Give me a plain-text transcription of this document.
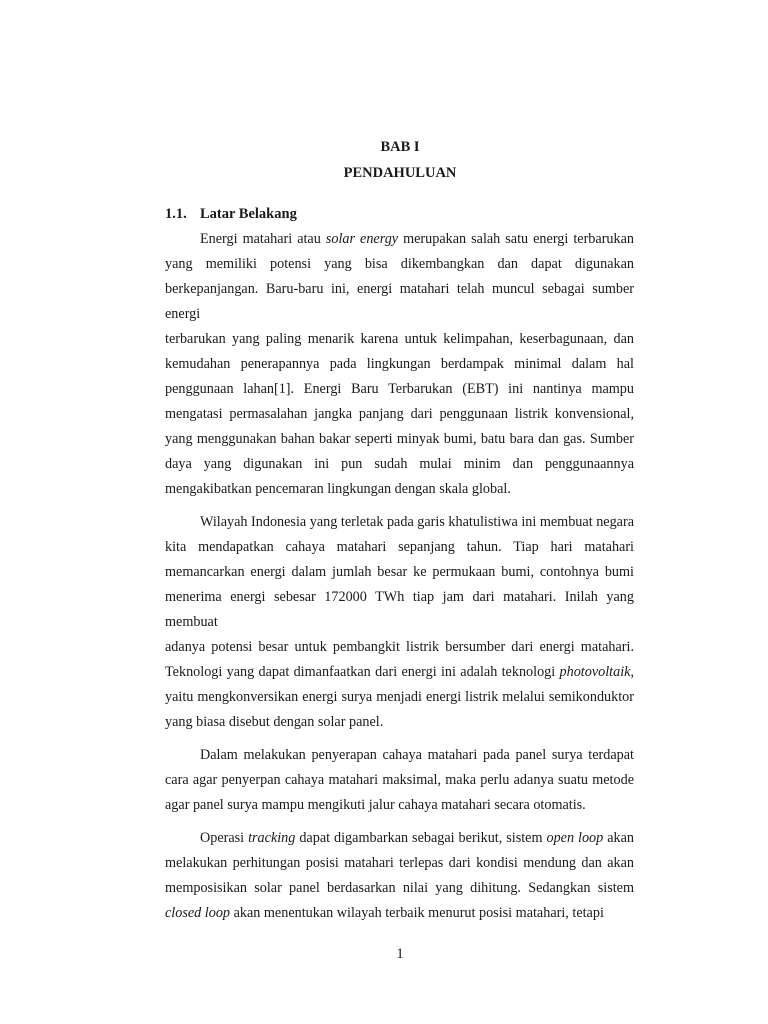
BAB I
PENDAHULUAN
1.1. Latar Belakang

Energi matahari atau solar energy merupakan salah satu energi terbarukan
yang memiliki potensi yang bisa dikembangkan dan dapat digunakan
berkepanjangan. Baru-baru ini, energi matahari telah muncul sebagai sumber energi
terbarukan yang paling menarik karena untuk kelimpahan, keserbagunaan, dan
kemudahan penerapannya pada lingkungan berdampak minimal dalam hal
penggunaan lahan[1]. Energi Baru Terbarukan (EBT) ini nantinya mampu
mengatasi permasalahan jangka panjang dari penggunaan listrik konvensional,
yang menggunakan bahan bakar seperti minyak bumi, batu bara dan gas. Sumber
daya yang digunakan ini pun sudah mulai minim dan penggunaannya
mengakibatkan pencemaran lingkungan dengan skala global.

Wilayah Indonesia yang terletak pada garis khatulistiwa ini membuat negara
kita mendapatkan cahaya matahari sepanjang tahun. Tiap hari matahari
memancarkan energi dalam jumlah besar ke permukaan bumi, contohnya bumi
menerima energi sebesar 172000 TWh tiap jam dari matahari. Inilah yang membuat
adanya potensi besar untuk pembangkit listrik bersumber dari energi matahari.
Teknologi yang dapat dimanfaatkan dari energi ini adalah teknologi photovoltaik,
yaitu mengkonversikan energi surya menjadi energi listrik melalui semikonduktor
yang biasa disebut dengan solar panel.

Dalam melakukan penyerapan cahaya matahari pada panel surya terdapat
cara agar penyerpan cahaya matahari maksimal, maka perlu adanya suatu metode
agar panel surya mampu mengikuti jalur cahaya matahari secara otomatis.

Operasi tracking dapat digambarkan sebagai berikut, sistem open loop akan
melakukan perhitungan posisi matahari terlepas dari kondisi mendung dan akan
memposisikan solar panel berdasarkan nilai yang dihitung. Sedangkan sistem
closed loop akan menentukan wilayah terbaik menurut posisi matahari, tetapi

1
